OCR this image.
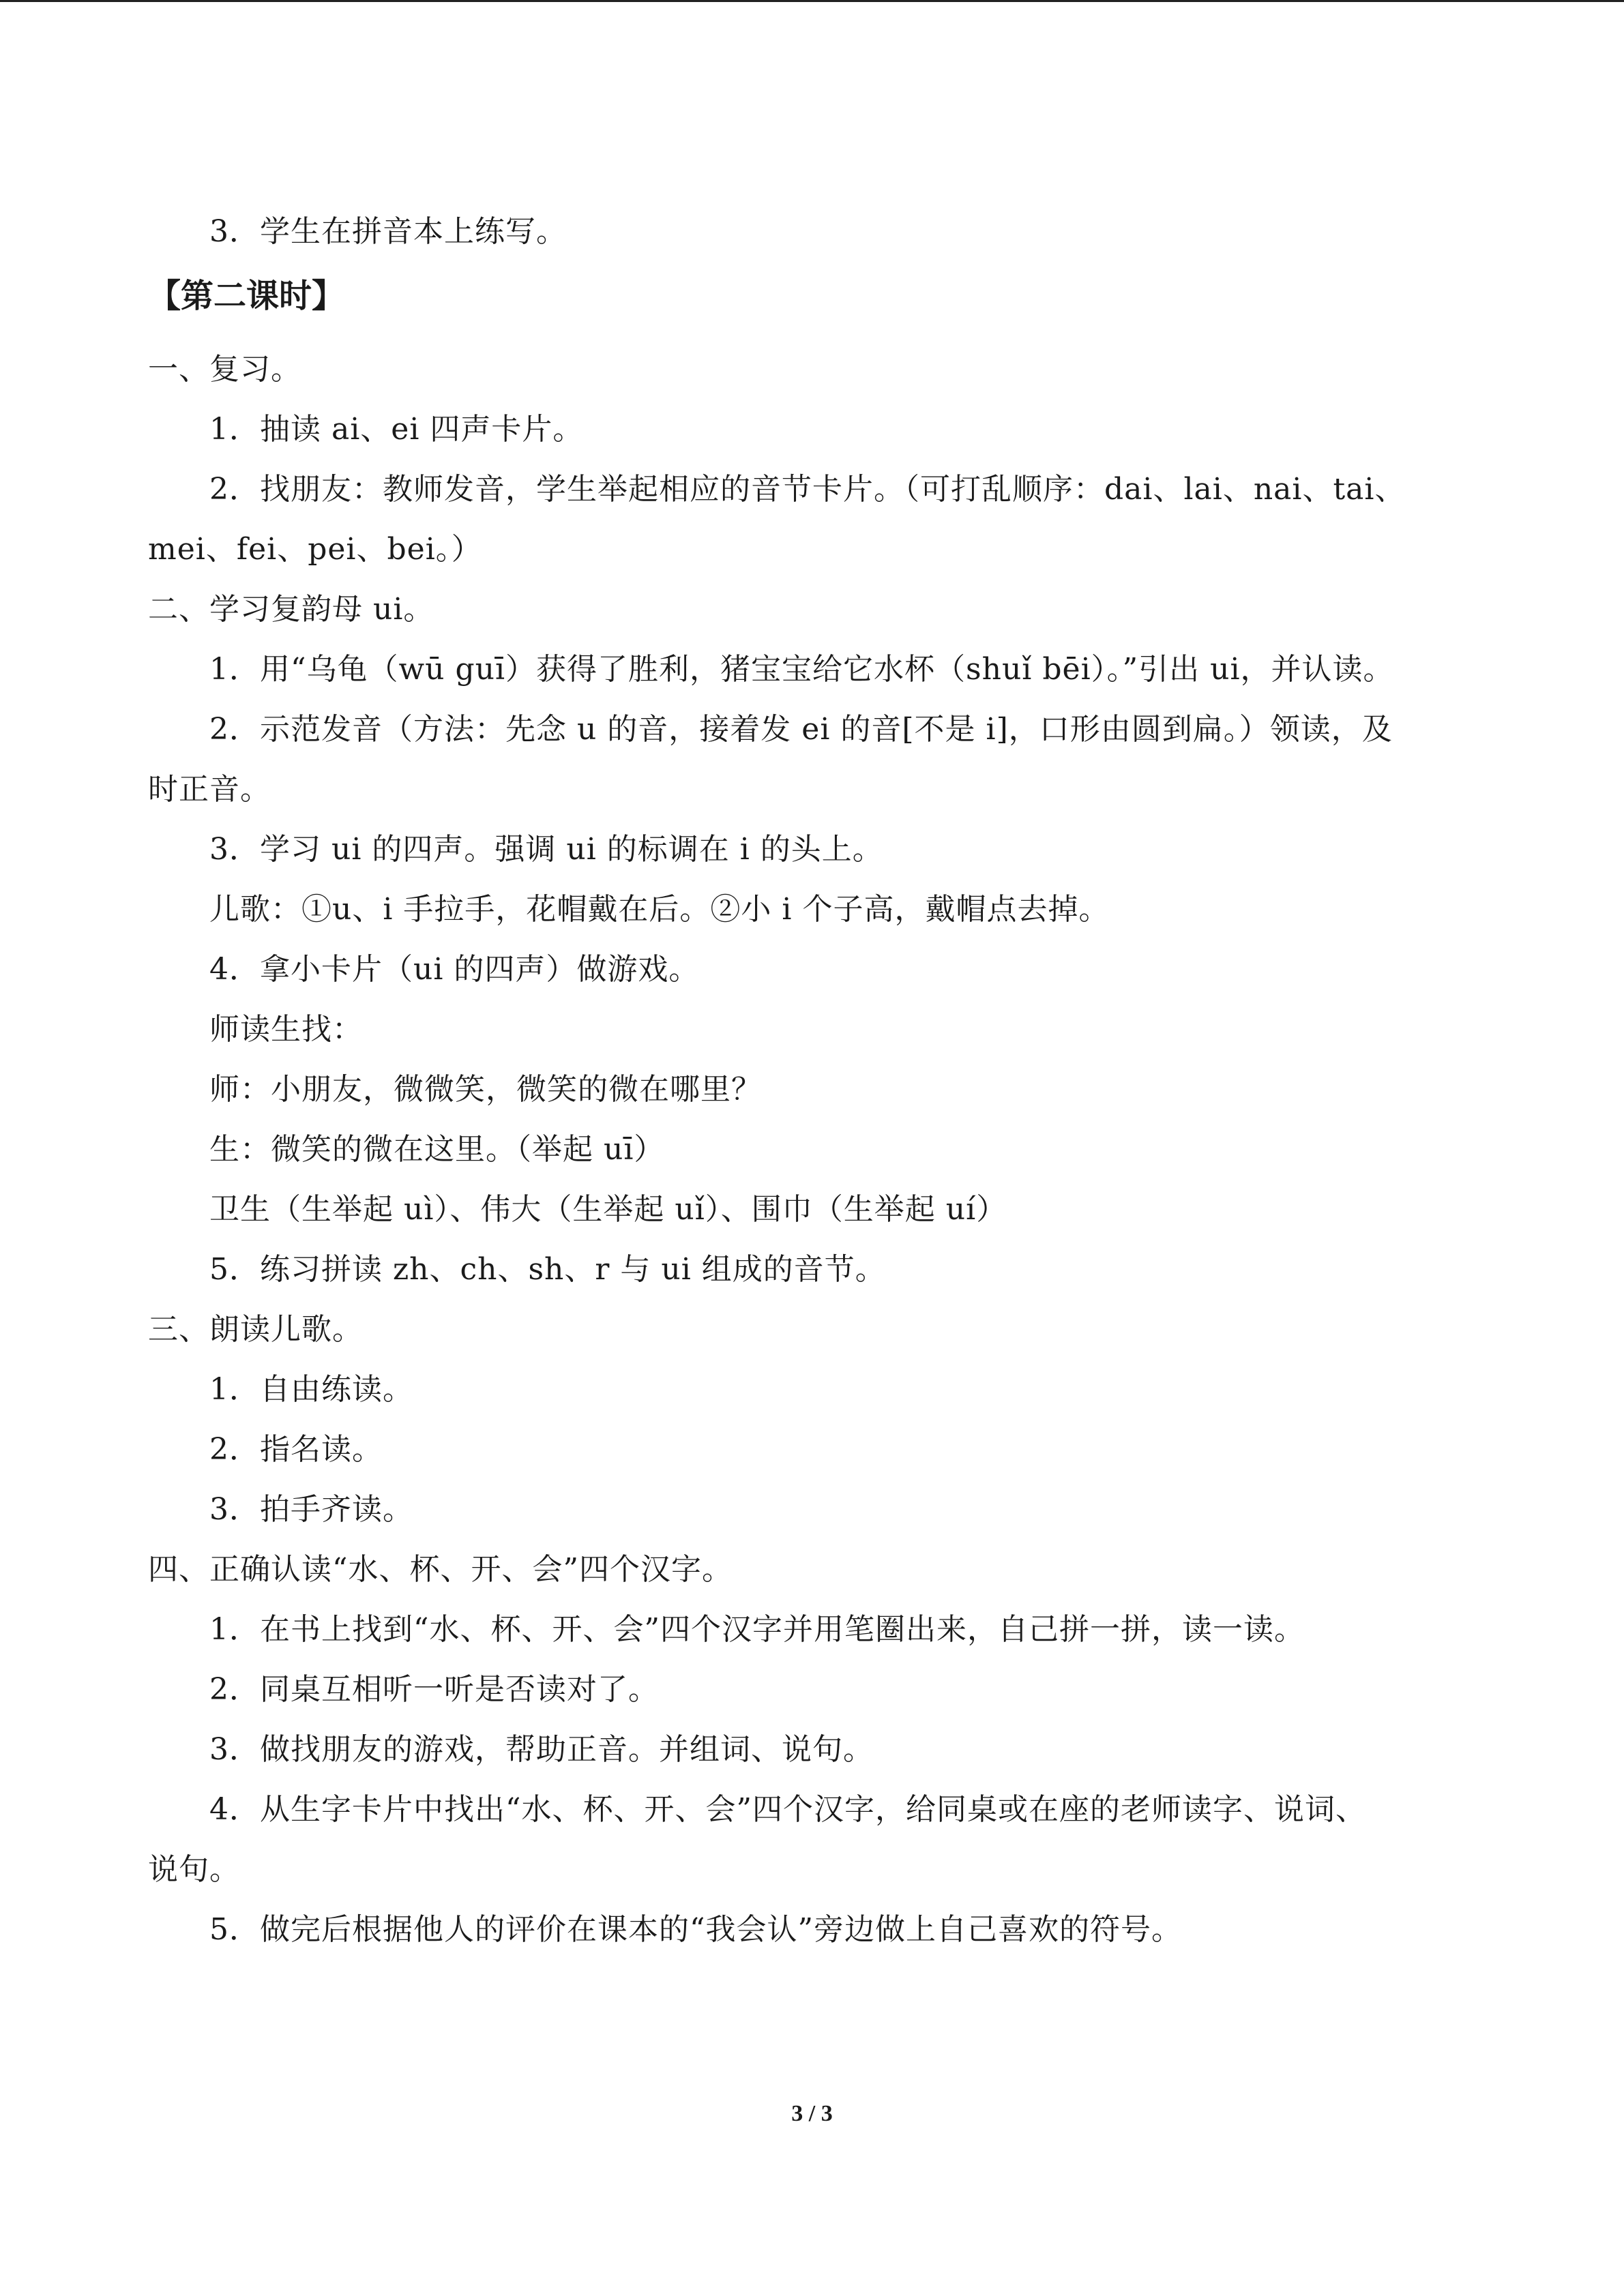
3．学生在拼音本上练写。
【第二课时】
一、复习。
1．抽读 ai、ei 四声卡片。
2．找朋友：教师发音，学生举起相应的音节卡片。（可打乱顺序：dai、lai、nai、tai、
mei、fei、pei、bei。）
二、学习复韵母 ui。
1．用“乌龟（wū guī）获得了胜利，猪宝宝给它水杯（shuǐ bēi）。”引出 ui，并认读。
2．示范发音（方法：先念 u 的音，接着发 ei 的音[不是 i]，口形由圆到扁。）领读，及
时正音。
3．学习 ui 的四声。强调 ui 的标调在 i 的头上。
儿歌：①u、i 手拉手，花帽戴在后。②小 i 个子高，戴帽点去掉。
4．拿小卡片（ui 的四声）做游戏。
师读生找：
师：小朋友，微微笑，微笑的微在哪里？
生：微笑的微在这里。（举起 uī）
卫生（生举起 uì）、伟大（生举起 uǐ）、围巾（生举起 uí）
5．练习拼读 zh、ch、sh、r 与 ui 组成的音节。
三、朗读儿歌。
1．自由练读。
2．指名读。
3．拍手齐读。
四、正确认读“水、杯、开、会”四个汉字。
1．在书上找到“水、杯、开、会”四个汉字并用笔圈出来，自己拼一拼，读一读。
2．同桌互相听一听是否读对了。
3．做找朋友的游戏，帮助正音。并组词、说句。
4．从生字卡片中找出“水、杯、开、会”四个汉字，给同桌或在座的老师读字、说词、
说句。
5．做完后根据他人的评价在课本的“我会认”旁边做上自己喜欢的符号。
3 / 3
